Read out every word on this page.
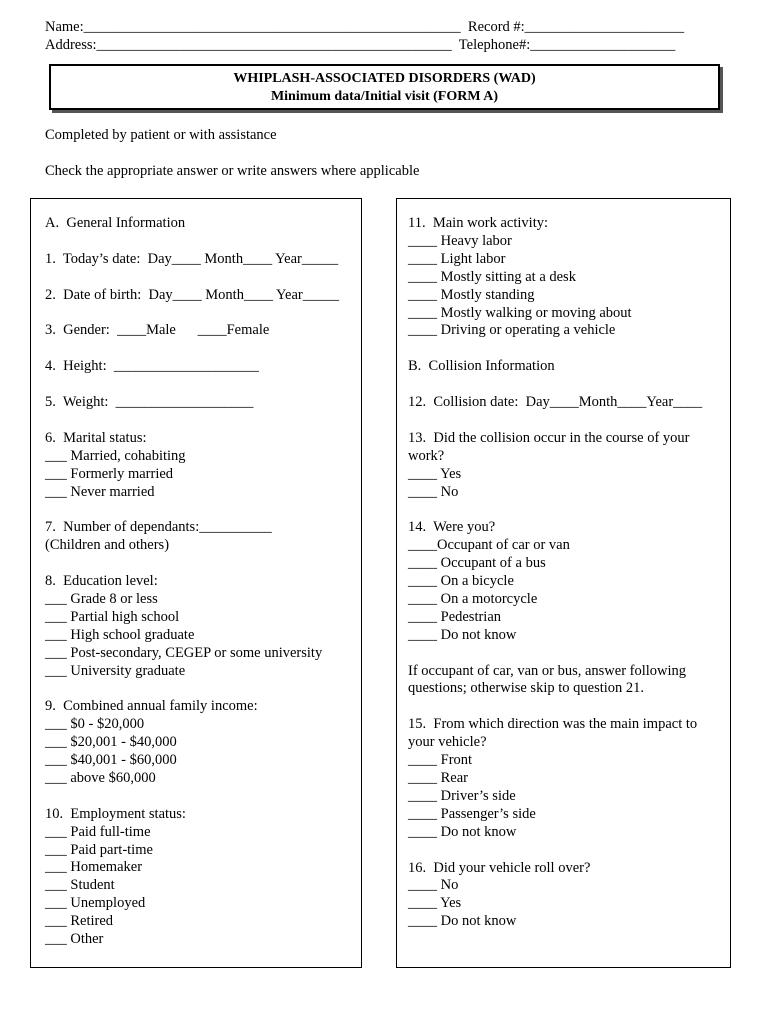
Name:____________________________________________________  Record #:______________________
Address:_________________________________________________  Telephone#:____________________
WHIPLASH-ASSOCIATED DISORDERS (WAD)
Minimum data/Initial visit (FORM A)
Completed by patient or with assistance
Check the appropriate answer or write answers where applicable
A.  General Information
1.  Today’s date:  Day____ Month____ Year_____
2.  Date of birth:  Day____ Month____ Year_____
3.  Gender:  ____Male      ____Female
4.  Height:  ____________________
5.  Weight:  ___________________
6.  Marital status:
___ Married, cohabiting
___ Formerly married
___ Never married
7.  Number of dependants:__________
(Children and others)
8.  Education level:
___ Grade 8 or less
___ Partial high school
___ High school graduate
___ Post-secondary, CEGEP or some university
___ University graduate
9.  Combined annual family income:
___ $0 - $20,000
___ $20,001 - $40,000
___ $40,001 - $60,000
___ above $60,000
10.  Employment status:
___ Paid full-time
___ Paid part-time
___ Homemaker
___ Student
___ Unemployed
___ Retired
___ Other
11.  Main work activity:
____ Heavy labor
____ Light labor
____ Mostly sitting at a desk
____ Mostly standing
____ Mostly walking or moving about
____ Driving or operating a vehicle
B.  Collision Information
12.  Collision date:  Day____Month____Year____
13.  Did the collision occur in the course of your
work?
____ Yes
____ No
14.  Were you?
____Occupant of car or van
____ Occupant of a bus
____ On a bicycle
____ On a motorcycle
____ Pedestrian
____ Do not know
If occupant of car, van or bus, answer following
questions; otherwise skip to question 21.
15.  From which direction was the main impact to
your vehicle?
____ Front
____ Rear
____ Driver’s side
____ Passenger’s side
____ Do not know
16.  Did your vehicle roll over?
____ No
____ Yes
____ Do not know
